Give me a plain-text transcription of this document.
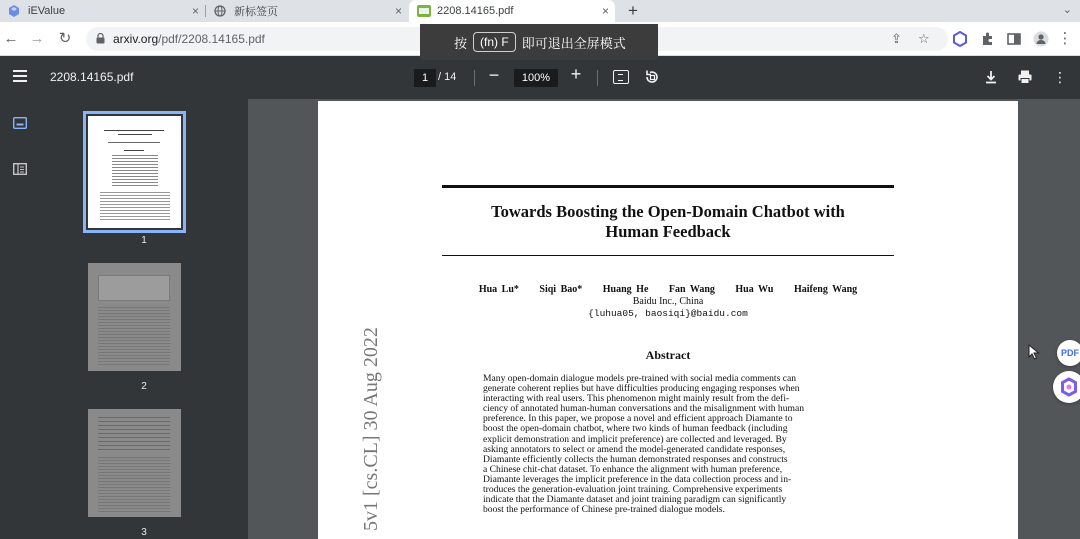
iEValue	×	新标签页	×	2208.14165.pdf	× +	⌄
← → ↻	arxiv.org/pdf/2208.14165.pdf	⇪ ☆	⋮
按	(fn) F	即可退出全屏模式
2208.14165.pdf	1 / 14 −	100%	+	⋮
1
2
3
5v1 [cs.CL] 30 Aug 2022
Towards Boosting the Open-Domain Chatbot with
Human Feedback
Hua Lu* Siqi Bao* Huang He Fan Wang Hua Wu Haifeng Wang
Baidu Inc., China
{luhua05, baosiqi}@baidu.com
Abstract
Many open-domain dialogue models pre-trained with social media comments can
generate coherent replies but have difficulties producing engaging responses when
interacting with real users. This phenomenon might mainly result from the defi-
ciency of annotated human-human conversations and the misalignment with human
preference. In this paper, we propose a novel and efficient approach Diamante to
boost the open-domain chatbot, where two kinds of human feedback (including
explicit demonstration and implicit preference) are collected and leveraged. By
asking annotators to select or amend the model-generated candidate responses,
Diamante efficiently collects the human demonstrated responses and constructs
a Chinese chit-chat dataset. To enhance the alignment with human preference,
Diamante leverages the implicit preference in the data collection process and in-
troduces the generation-evaluation joint training. Comprehensive experiments
indicate that the Diamante dataset and joint training paradigm can significantly
boost the performance of Chinese pre-trained dialogue models.
PDF
